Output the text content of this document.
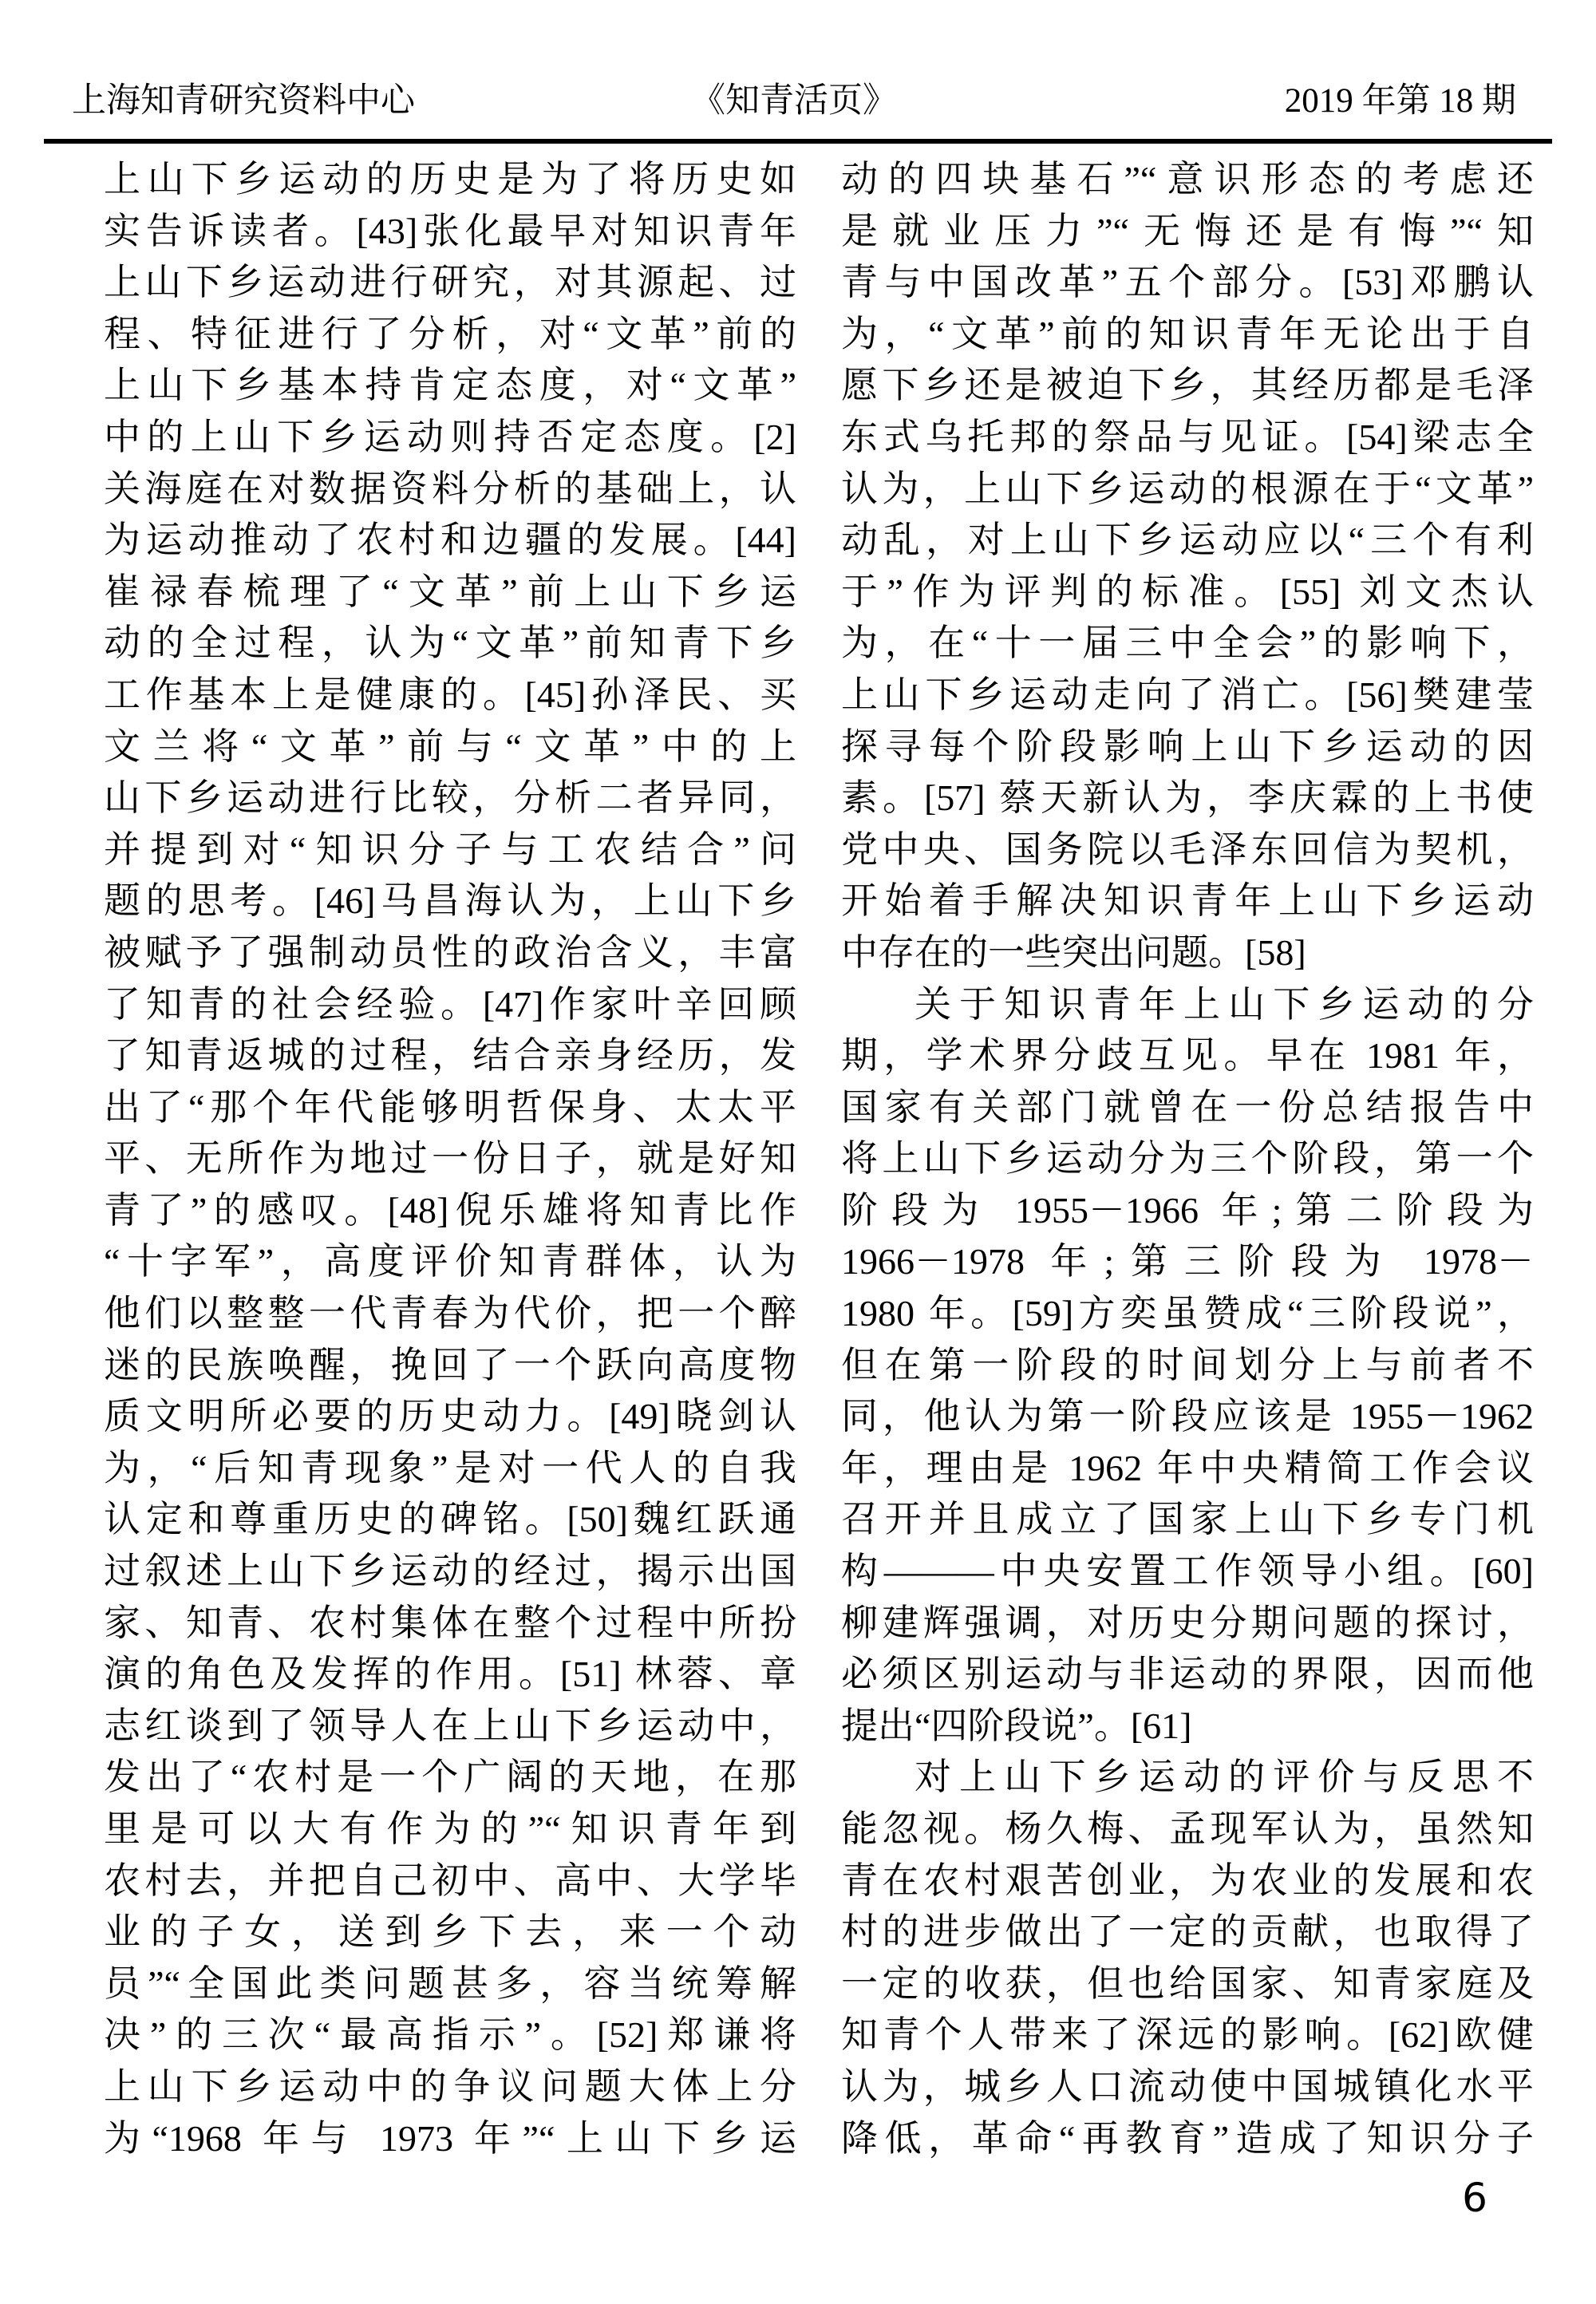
上海知青研究资料中心	《知青活页》	2019 年第 18 期
上山下乡运动的历史是为了将历史如
实告诉读者。[43]张化最早对知识青年
上山下乡运动进行研究，对其源起、过
程、特征进行了分析，对“文革”前的
上山下乡基本持肯定态度，对“文革”
中的上山下乡运动则持否定态度。[2]
关海庭在对数据资料分析的基础上，认
为运动推动了农村和边疆的发展。[44]
崔禄春梳理了“文革”前上山下乡运
动的全过程，认为“文革”前知青下乡
工作基本上是健康的。[45]孙泽民、买
文兰将“文革”前与“文革”中的上
山下乡运动进行比较，分析二者异同，
并提到对“知识分子与工农结合”问
题的思考。[46]马昌海认为，上山下乡
被赋予了强制动员性的政治含义，丰富
了知青的社会经验。[47]作家叶辛回顾
了知青返城的过程，结合亲身经历，发
出了“那个年代能够明哲保身、太太平
平、无所作为地过一份日子，就是好知
青了”的感叹。[48]倪乐雄将知青比作
“十字军”，高度评价知青群体，认为
他们以整整一代青春为代价，把一个醉
迷的民族唤醒，挽回了一个跃向高度物
质文明所必要的历史动力。[49]晓剑认
为，“后知青现象”是对一代人的自我
认定和尊重历史的碑铭。[50]魏红跃通
过叙述上山下乡运动的经过，揭示出国
家、知青、农村集体在整个过程中所扮
演的角色及发挥的作用。[51] 林蓉、章
志红谈到了领导人在上山下乡运动中，
发出了“农村是一个广阔的天地，在那
里是可以大有作为的”“知识青年到
农村去，并把自己初中、高中、大学毕
业的子女，送到乡下去，来一个动
员”“全国此类问题甚多，容当统筹解
决”的三次“最高指示”。[52]郑谦将
上山下乡运动中的争议问题大体上分
为“1968 年与 1973 年”“上山下乡运
动的四块基石”“意识形态的考虑还
是就业压力”“无悔还是有悔”“知
青与中国改革”五个部分。[53]邓鹏认
为，“文革”前的知识青年无论出于自
愿下乡还是被迫下乡，其经历都是毛泽
东式乌托邦的祭品与见证。[54]梁志全
认为，上山下乡运动的根源在于“文革”
动乱，对上山下乡运动应以“三个有利
于”作为评判的标准。[55] 刘文杰认
为，在“十一届三中全会”的影响下，
上山下乡运动走向了消亡。[56]樊建莹
探寻每个阶段影响上山下乡运动的因
素。[57] 蔡天新认为，李庆霖的上书使
党中央、国务院以毛泽东回信为契机，
开始着手解决知识青年上山下乡运动
中存在的一些突出问题。[58]
关于知识青年上山下乡运动的分
期，学术界分歧互见。早在 1981 年，
国家有关部门就曾在一份总结报告中
将上山下乡运动分为三个阶段，第一个
阶段为 1955－1966 年;第二阶段为
1966－1978 年;第三阶段为 1978－
1980 年。[59]方奕虽赞成“三阶段说”，
但在第一阶段的时间划分上与前者不
同，他认为第一阶段应该是 1955－1962
年，理由是 1962 年中央精简工作会议
召开并且成立了国家上山下乡专门机
构———中央安置工作领导小组。[60]
柳建辉强调，对历史分期问题的探讨，
必须区别运动与非运动的界限，因而他
提出“四阶段说”。[61]
对上山下乡运动的评价与反思不
能忽视。杨久梅、孟现军认为，虽然知
青在农村艰苦创业，为农业的发展和农
村的进步做出了一定的贡献，也取得了
一定的收获，但也给国家、知青家庭及
知青个人带来了深远的影响。[62]欧健
认为，城乡人口流动使中国城镇化水平
降低，革命“再教育”造成了知识分子
6
